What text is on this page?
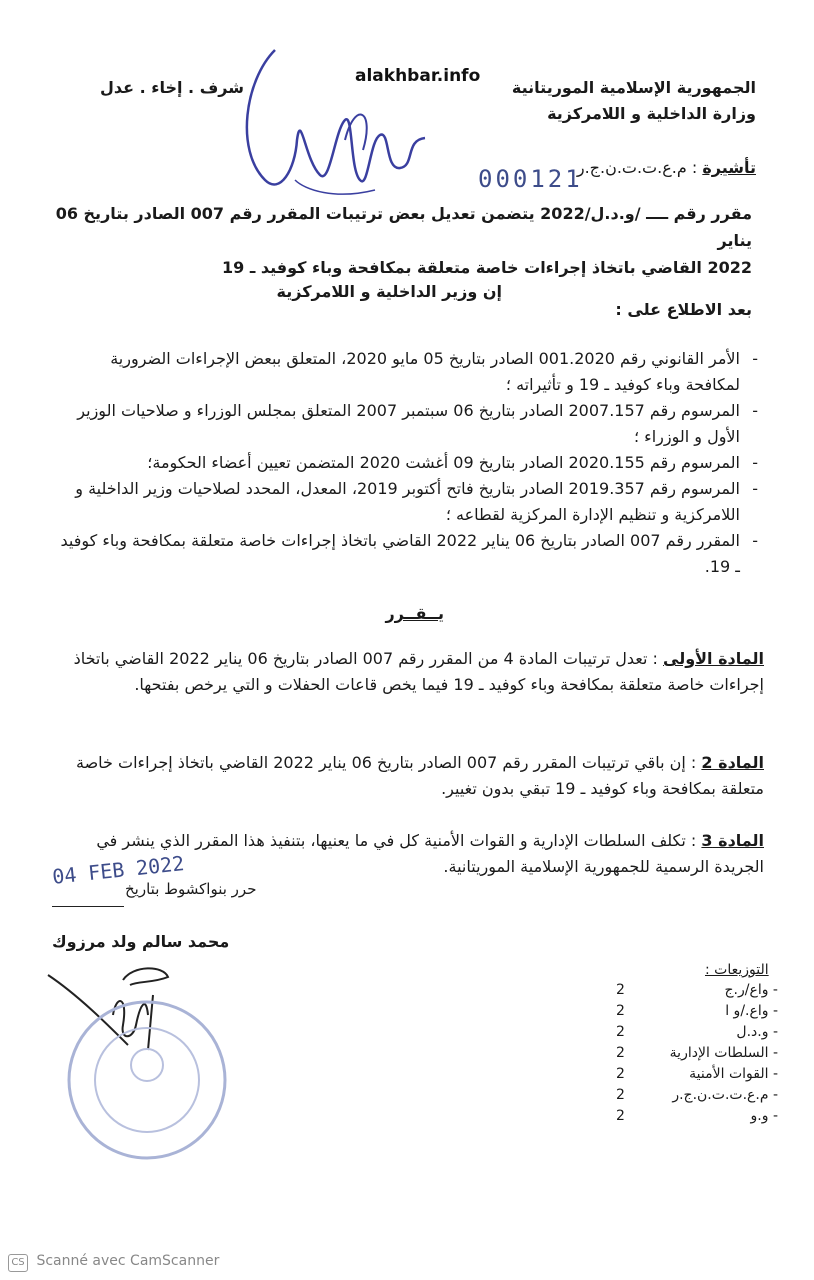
alakhbar.info
شرف . إخاء . عدل	الجمهورية الإسلامية الموريتانية
وزارة الداخلية و اللامركزية
تأشيرة : م.ع.ت.ت.ن.ج.ر
000121
مقرر رقم ــــ /و.د.ل/2022 يتضمن تعديل بعض ترتيبات المقرر رقم 007 الصادر بتاريخ 06 يناير
2022 القاضي باتخاذ إجراءات خاصة متعلقة بمكافحة وباء كوفيد ـ 19
إن وزير الداخلية و اللامركزية
بعد الاطلاع على :
- الأمر القانوني رقم 001.2020 الصادر بتاريخ 05 مايو 2020، المتعلق ببعض الإجراءات الضرورية لمكافحة وباء كوفيد ـ 19 و تأثيراته ؛
- المرسوم رقم 2007.157 الصادر بتاريخ 06 سبتمبر 2007 المتعلق بمجلس الوزراء و صلاحيات الوزير الأول و الوزراء ؛
- المرسوم رقم 2020.155 الصادر بتاريخ 09 أغشت 2020 المتضمن تعيين أعضاء الحكومة؛
- المرسوم رقم 2019.357 الصادر بتاريخ فاتح أكتوبر 2019، المعدل، المحدد لصلاحيات وزير الداخلية و اللامركزية و تنظيم الإدارة المركزية لقطاعه ؛
- المقرر رقم 007 الصادر بتاريخ 06 يناير 2022 القاضي باتخاذ إجراءات خاصة متعلقة بمكافحة وباء كوفيد ـ 19.
يــقــرر
المادة الأولى : تعدل ترتيبات المادة 4 من المقرر رقم 007 الصادر بتاريخ 06 يناير 2022 القاضي باتخاذ إجراءات خاصة متعلقة بمكافحة وباء كوفيد ـ 19 فيما يخص قاعات الحفلات و التي يرخص بفتحها.
المادة 2 : إن باقي ترتيبات المقرر رقم 007 الصادر بتاريخ 06 يناير 2022 القاضي باتخاذ إجراءات خاصة متعلقة بمكافحة وباء كوفيد ـ 19 تبقي بدون تغيير.
المادة 3 : تكلف السلطات الإدارية و القوات الأمنية كل في ما يعنيها، بتنفيذ هذا المقرر الذي ينشر في الجريدة الرسمية للجمهورية الإسلامية الموريتانية.
04 FEB 2022
حرر بنواكشوط بتاريخ
محمد سالم ولد مرزوك
التوزيعات :
- واع/ر.ج
2
- واع./و ا
2
- و.د.ل
2
- السلطات الإدارية
2
- القوات الأمنية
2
- م.ع.ت.ت.ن.ج.ر
2
- و.و
2
CS Scanné avec CamScanner
